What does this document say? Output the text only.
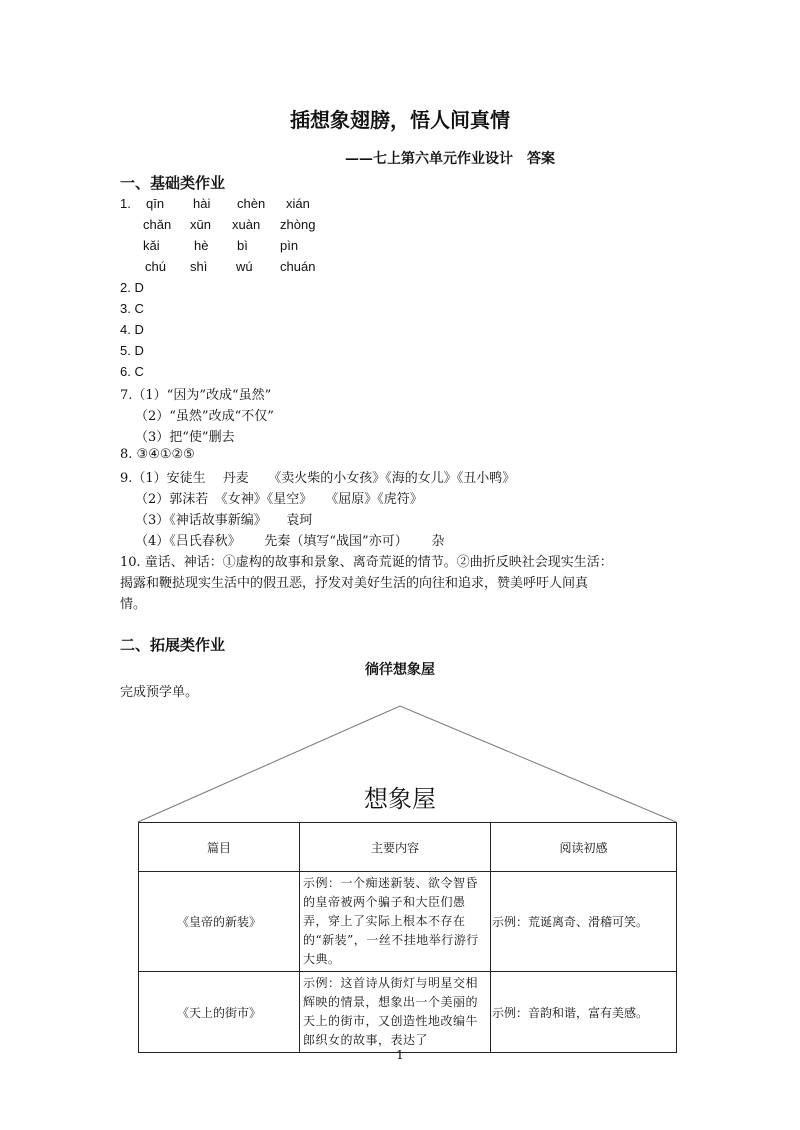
插想象翅膀，悟人间真情
——七上第六单元作业设计　答案
一、基础类作业
1. qīn hài chèn xián
chǎn xūn xuàn zhòng
kǎi	hè bì pìn
chú shì wú chuán
2. D
3. C
4. D
5. D
6. C
7.（1）“因为”改成“虽然”
（2）“虽然”改成“不仅”
（3）把“使”删去
8. ③④①②⑤
9.（1）安徒生　 丹麦　　《卖火柴的小女孩》《海的女儿》《丑小鸭》
（2）郭沫若　《女神》《星空》　　《屈原》《虎符》
（3）《神话故事新编》　　袁珂
（4）《吕氏春秋》　　 先秦（填写“战国”亦可）　　 杂
10. 童话、神话：①虚构的故事和景象、离奇荒诞的情节。②曲折反映社会现实生活：
揭露和鞭挞现实生活中的假丑恶，抒发对美好生活的向往和追求，赞美呼吁人间真
情。
二、拓展类作业
徜徉想象屋
完成预学单。
想象屋
篇目	主要内容	阅读初感
《皇帝的新装》	示例：一个痴迷新装、欲令智昏的皇帝被两个骗子和大臣们愚弄，穿上了实际上根本不存在的“新装”，一丝不挂地举行游行大典。	示例：荒诞离奇、滑稽可笑。
《天上的街市》	示例：这首诗从街灯与明星交相辉映的情景，想象出一个美丽的天上的街市，又创造性地改编牛郎织女的故事，表达了	示例：音韵和谐，富有美感。
1
